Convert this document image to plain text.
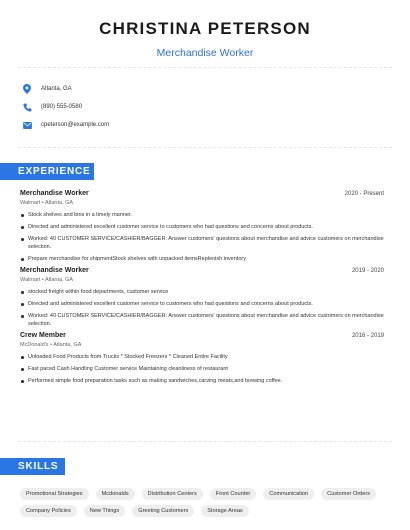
CHRISTINA PETERSON
Merchandise Worker
Atlanta, GA
(890) 555-0580
cpeterson@example.com
EXPERIENCE
Merchandise Worker	2020 - Present
Walmart • Atlanta, GA
Stock shelves and bins in a timely manner.
Directed and administered excellent customer service to customers who had questions and concerns about products.
Worked: 40 CUSTOMER SERVICE/CASHIER/BAGGER: Answer customers' questions about merchandise and advice customers on merchandise selection.
Prepare merchandise for shipmentStock shelves with unpacked itemsReplenish inventory
Merchandise Worker	2019 - 2020
Walmart • Atlanta, GA
stocked freight within food departments, customer service
Directed and administered excellent customer service to customers who had questions and concerns about products.
Worked: 40 CUSTOMER SERVICE/CASHIER/BAGGER: Answer customers' questions about merchandise and advice customers on merchandise selection.
Crew Member	2016 - 2019
McDonald's • Atlanta, GA
Unloaded Food Products from Trucks * Stocked Freezers * Cleaned Entire Facility
Fast paced Cash Handling Customer service Maintaining cleanliness of restaurant
Performed simple food preparation tasks such as making sandwiches,carving meats,and brewing coffee.
SKILLS
Promotional Strategies	Mcdonalds	Distribution Centers	Front Counter	Communication	Customer Orders
Company Policies	New Things	Greeting Customers	Storage Areas
